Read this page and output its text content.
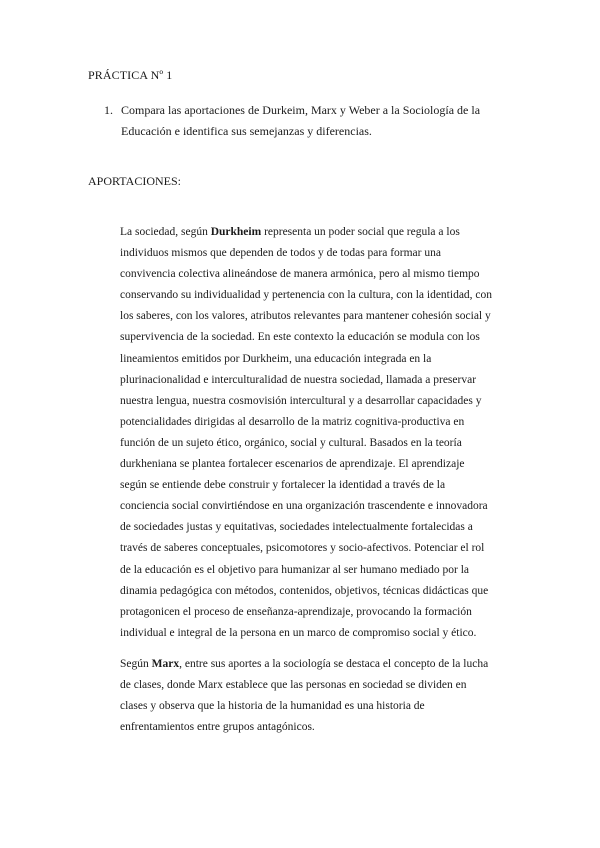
PRÁCTICA Nº 1
1. Compara las aportaciones de Durkeim, Marx y Weber a la Sociología de la
Educación e identifica sus semejanzas y diferencias.
APORTACIONES:
La sociedad, según Durkheim representa un poder social que regula a los
individuos mismos que dependen de todos y de todas para formar una
convivencia colectiva alineándose de manera armónica, pero al mismo tiempo
conservando su individualidad y pertenencia con la cultura, con la identidad, con
los saberes, con los valores, atributos relevantes para mantener cohesión social y
supervivencia de la sociedad. En este contexto la educación se modula con los
lineamientos emitidos por Durkheim, una educación integrada en la
plurinacionalidad e interculturalidad de nuestra sociedad, llamada a preservar
nuestra lengua, nuestra cosmovisión intercultural y a desarrollar capacidades y
potencialidades dirigidas al desarrollo de la matriz cognitiva-productiva en
función de un sujeto ético, orgánico, social y cultural. Basados en la teoría
durkheniana se plantea fortalecer escenarios de aprendizaje. El aprendizaje
según se entiende debe construir y fortalecer la identidad a través de la
conciencia social convirtiéndose en una organización trascendente e innovadora
de sociedades justas y equitativas, sociedades intelectualmente fortalecidas a
través de saberes conceptuales, psicomotores y socio-afectivos. Potenciar el rol
de la educación es el objetivo para humanizar al ser humano mediado por la
dinamia pedagógica con métodos, contenidos, objetivos, técnicas didácticas que
protagonicen el proceso de enseñanza-aprendizaje, provocando la formación
individual e integral de la persona en un marco de compromiso social y ético.
Según Marx, entre sus aportes a la sociología se destaca el concepto de la lucha
de clases, donde Marx establece que las personas en sociedad se dividen en
clases y observa que la historia de la humanidad es una historia de
enfrentamientos entre grupos antagónicos.
